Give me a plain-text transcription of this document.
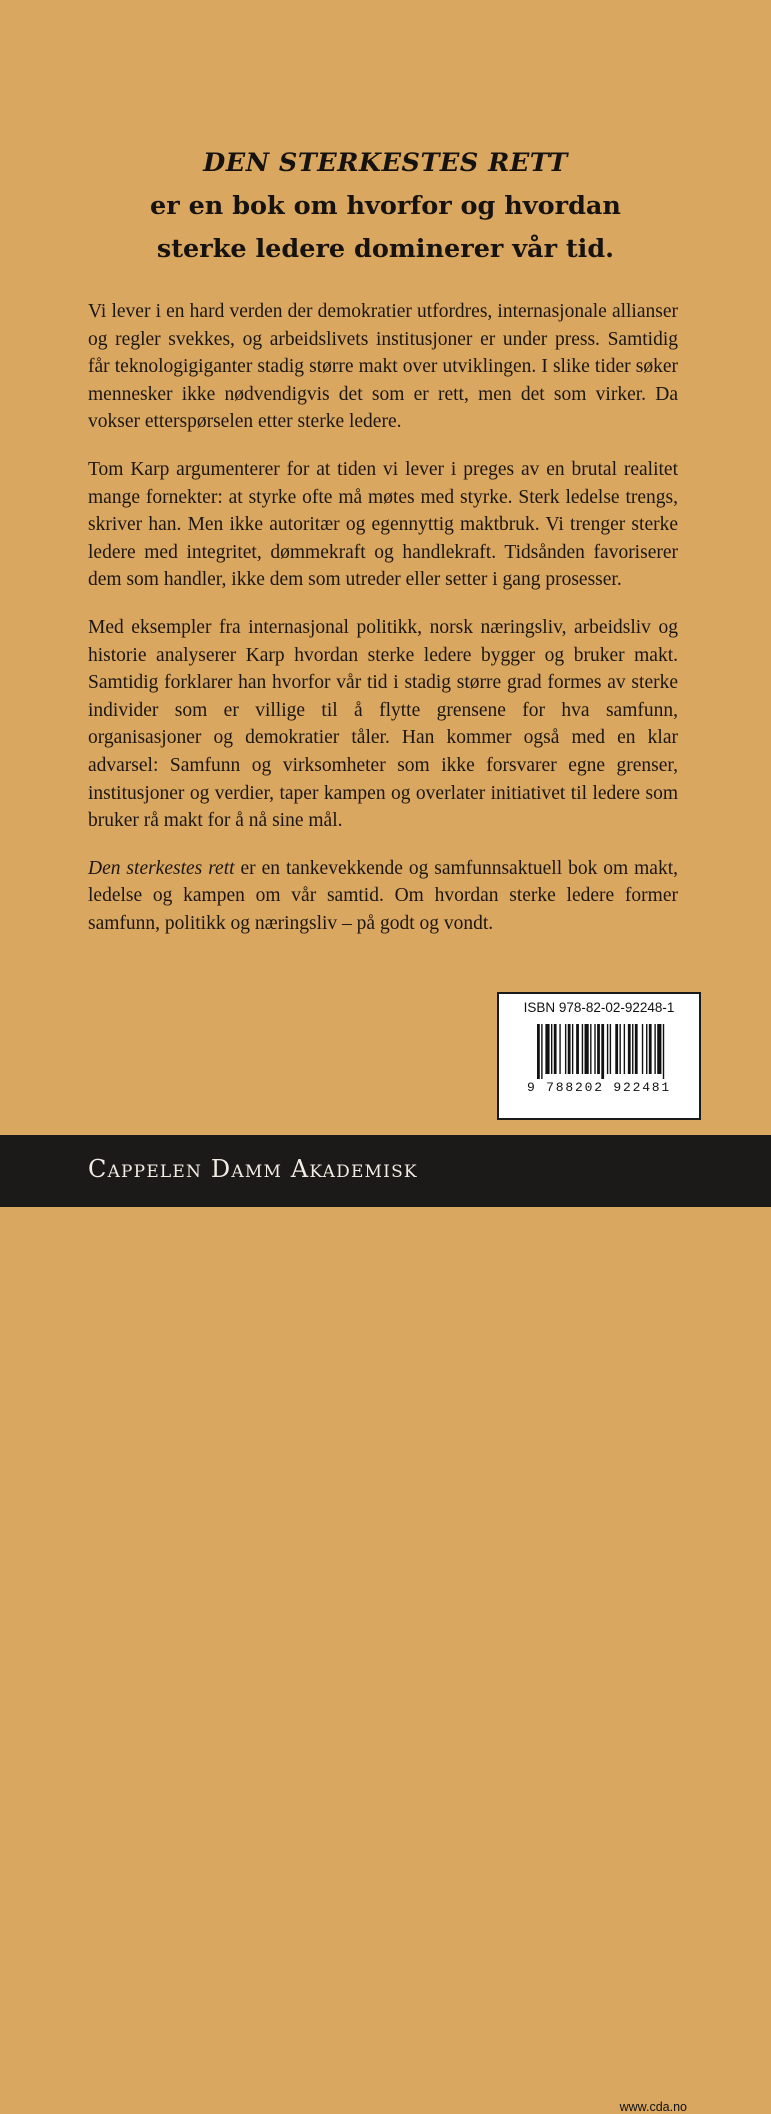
DEN STERKESTES RETT
er en bok om hvorfor og hvordan
sterke ledere dominerer vår tid.

Vi lever i en hard verden der demokratier utfordres, internasjonale allianser og regler svekkes, og arbeidslivets institusjoner er under press. Samtidig får teknologigiganter stadig større makt over utviklingen. I slike tider søker mennesker ikke nødvendigvis det som er rett, men det som virker. Da vokser etterspørselen etter sterke ledere.

Tom Karp argumenterer for at tiden vi lever i preges av en brutal realitet mange fornekter: at styrke ofte må møtes med styrke. Sterk ledelse trengs, skriver han. Men ikke autoritær og egennyttig maktbruk. Vi trenger sterke ledere med integritet, dømmekraft og handlekraft. Tidsånden favoriserer dem som handler, ikke dem som utreder eller setter i gang prosesser.

Med eksempler fra internasjonal politikk, norsk næringsliv, arbeidsliv og historie analyserer Karp hvordan sterke ledere bygger og bruker makt. Samtidig forklarer han hvorfor vår tid i stadig større grad formes av sterke individer som er villige til å flytte grensene for hva samfunn, organisasjoner og demokratier tåler. Han kommer også med en klar advarsel: Samfunn og virksomheter som ikke forsvarer egne grenser, institusjoner og verdier, taper kampen og overlater initiativet til ledere som bruker rå makt for å nå sine mål.

Den sterkestes rett er en tankevekkende og samfunnsaktuell bok om makt, ledelse og kampen om vår samtid. Om hvordan sterke ledere former samfunn, politikk og næringsliv – på godt og vondt.

ISBN 978-82-02-92248-1
9 788202 922481
www.cda.no
Cappelen Damm Akademisk
